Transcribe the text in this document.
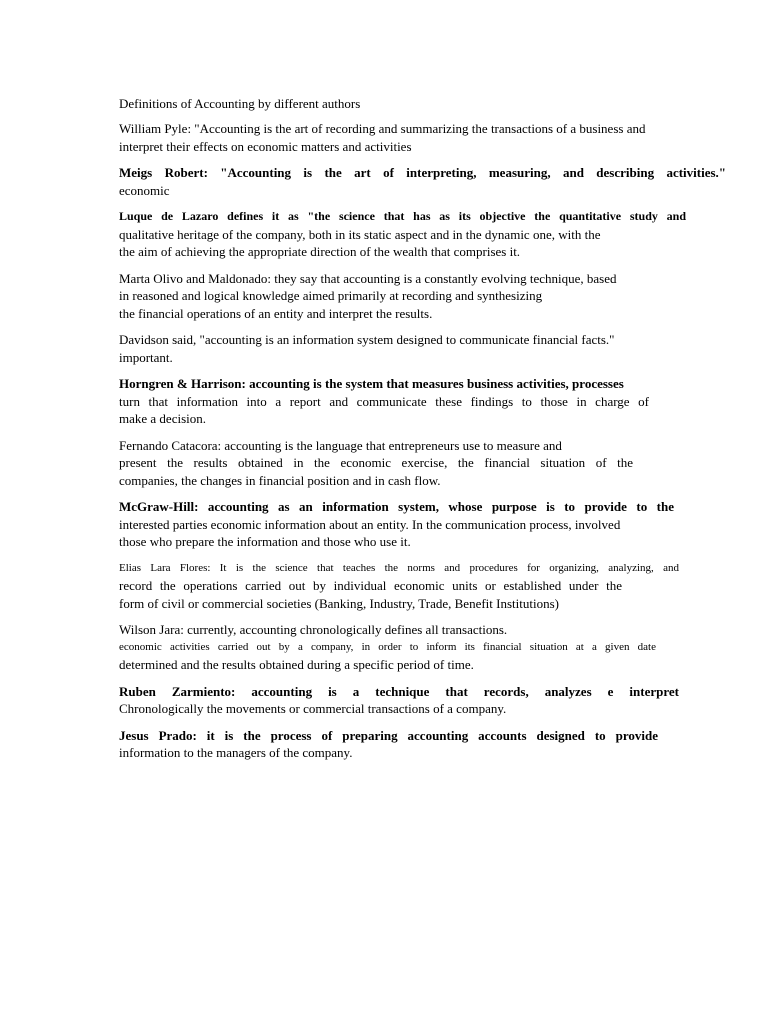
Definitions of Accounting by different authors
William Pyle: "Accounting is the art of recording and summarizing the transactions of a business and
interpret their effects on economic matters and activities
Meigs Robert: "Accounting is the art of interpreting, measuring, and describing activities."
economic
Luque de Lazaro defines it as "the science that has as its objective the quantitative study and
qualitative heritage of the company, both in its static aspect and in the dynamic one, with the
the aim of achieving the appropriate direction of the wealth that comprises it.
Marta Olivo and Maldonado: they say that accounting is a constantly evolving technique, based
in reasoned and logical knowledge aimed primarily at recording and synthesizing
the financial operations of an entity and interpret the results.
Davidson said, "accounting is an information system designed to communicate financial facts."
important.
Horngren & Harrison: accounting is the system that measures business activities, processes
turn that information into a report and communicate these findings to those in charge of
make a decision.
Fernando Catacora: accounting is the language that entrepreneurs use to measure and
present the results obtained in the economic exercise, the financial situation of the
companies, the changes in financial position and in cash flow.
McGraw-Hill: accounting as an information system, whose purpose is to provide to the
interested parties economic information about an entity. In the communication process, involved
those who prepare the information and those who use it.
Elias Lara Flores: It is the science that teaches the norms and procedures for organizing, analyzing, and
record the operations carried out by individual economic units or established under the
form of civil or commercial societies (Banking, Industry, Trade, Benefit Institutions)
Wilson Jara: currently, accounting chronologically defines all transactions.
economic activities carried out by a company, in order to inform its financial situation at a given date
determined and the results obtained during a specific period of time.
Ruben Zarmiento: accounting is a technique that records, analyzes e interpret
Chronologically the movements or commercial transactions of a company.
Jesus Prado: it is the process of preparing accounting accounts designed to provide
information to the managers of the company.
